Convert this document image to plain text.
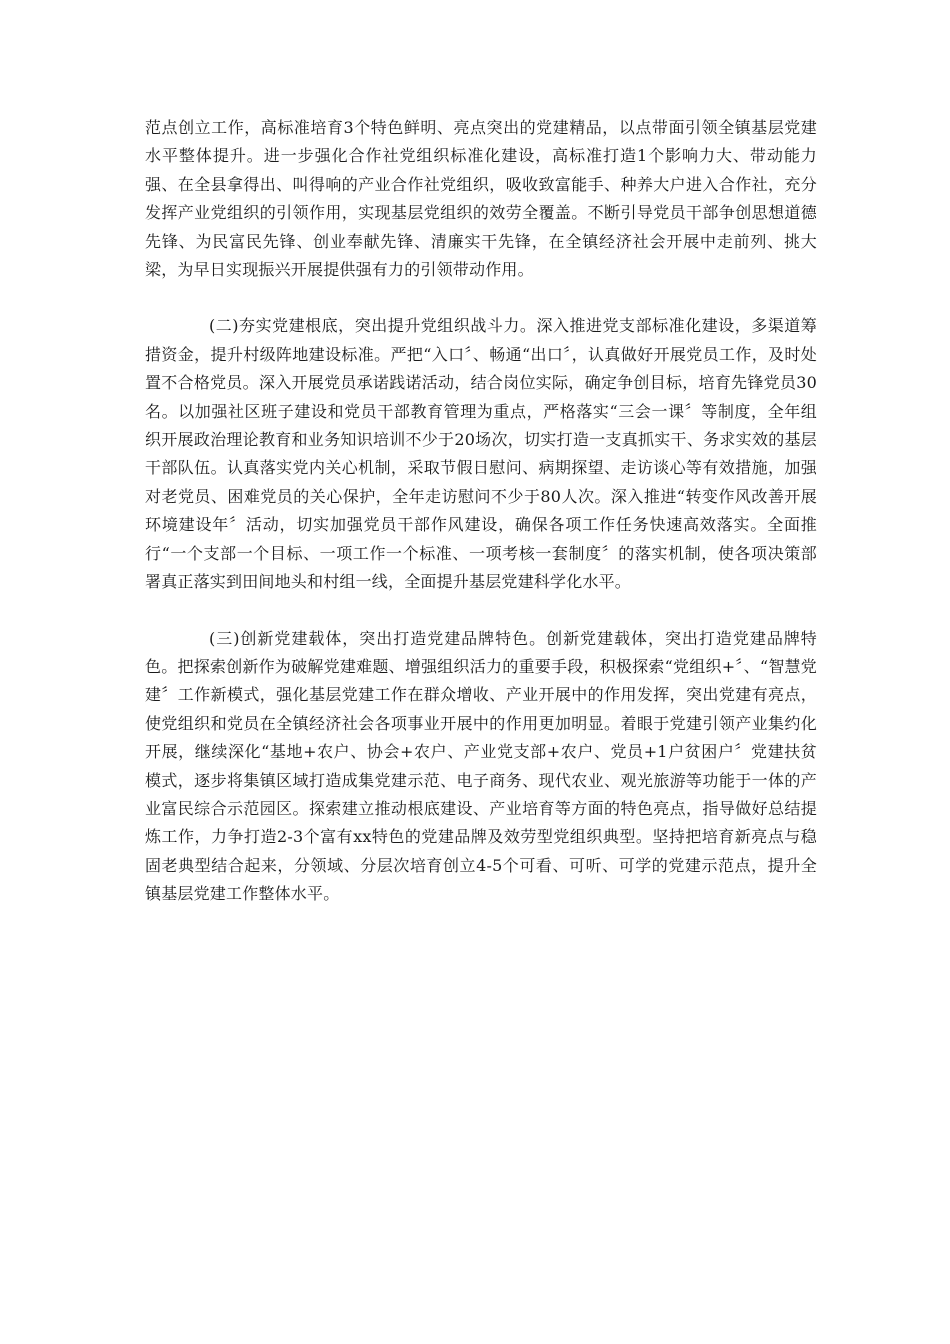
范点创立工作，高标准培育3个特色鲜明、亮点突出的党建精品，以点带面引领全镇基层党建水平整体提升。进一步强化合作社党组织标准化建设，高标准打造1个影响力大、带动能力强、在全县拿得出、叫得响的产业合作社党组织，吸收致富能手、种养大户进入合作社，充分发挥产业党组织的引领作用，实现基层党组织的效劳全覆盖。不断引导党员干部争创思想道德先锋、为民富民先锋、创业奉献先锋、清廉实干先锋，在全镇经济社会开展中走前列、挑大梁，为早日实现振兴开展提供强有力的引领带动作用。

(二)夯实党建根底，突出提升党组织战斗力。深入推进党支部标准化建设，多渠道筹措资金，提升村级阵地建设标准。严把“入口〞、畅通“出口〞，认真做好开展党员工作，及时处置不合格党员。深入开展党员承诺践诺活动，结合岗位实际，确定争创目标，培育先锋党员30名。以加强社区班子建设和党员干部教育管理为重点，严格落实“三会一课〞等制度，全年组织开展政治理论教育和业务知识培训不少于20场次，切实打造一支真抓实干、务求实效的基层干部队伍。认真落实党内关心机制，采取节假日慰问、病期探望、走访谈心等有效措施，加强对老党员、困难党员的关心保护，全年走访慰问不少于80人次。深入推进“转变作风改善开展环境建设年〞活动，切实加强党员干部作风建设，确保各项工作任务快速高效落实。全面推行“一个支部一个目标、一项工作一个标准、一项考核一套制度〞的落实机制，使各项决策部署真正落实到田间地头和村组一线，全面提升基层党建科学化水平。

(三)创新党建载体，突出打造党建品牌特色。创新党建载体，突出打造党建品牌特色。把探索创新作为破解党建难题、增强组织活力的重要手段，积极探索“党组织+〞、“智慧党建〞工作新模式，强化基层党建工作在群众增收、产业开展中的作用发挥，突出党建有亮点，使党组织和党员在全镇经济社会各项事业开展中的作用更加明显。着眼于党建引领产业集约化开展，继续深化“基地+农户、协会+农户、产业党支部+农户、党员+1户贫困户〞党建扶贫模式，逐步将集镇区域打造成集党建示范、电子商务、现代农业、观光旅游等功能于一体的产业富民综合示范园区。探索建立推动根底建设、产业培育等方面的特色亮点，指导做好总结提炼工作，力争打造2-3个富有xx特色的党建品牌及效劳型党组织典型。坚持把培育新亮点与稳固老典型结合起来，分领域、分层次培育创立4-5个可看、可听、可学的党建示范点，提升全镇基层党建工作整体水平。
